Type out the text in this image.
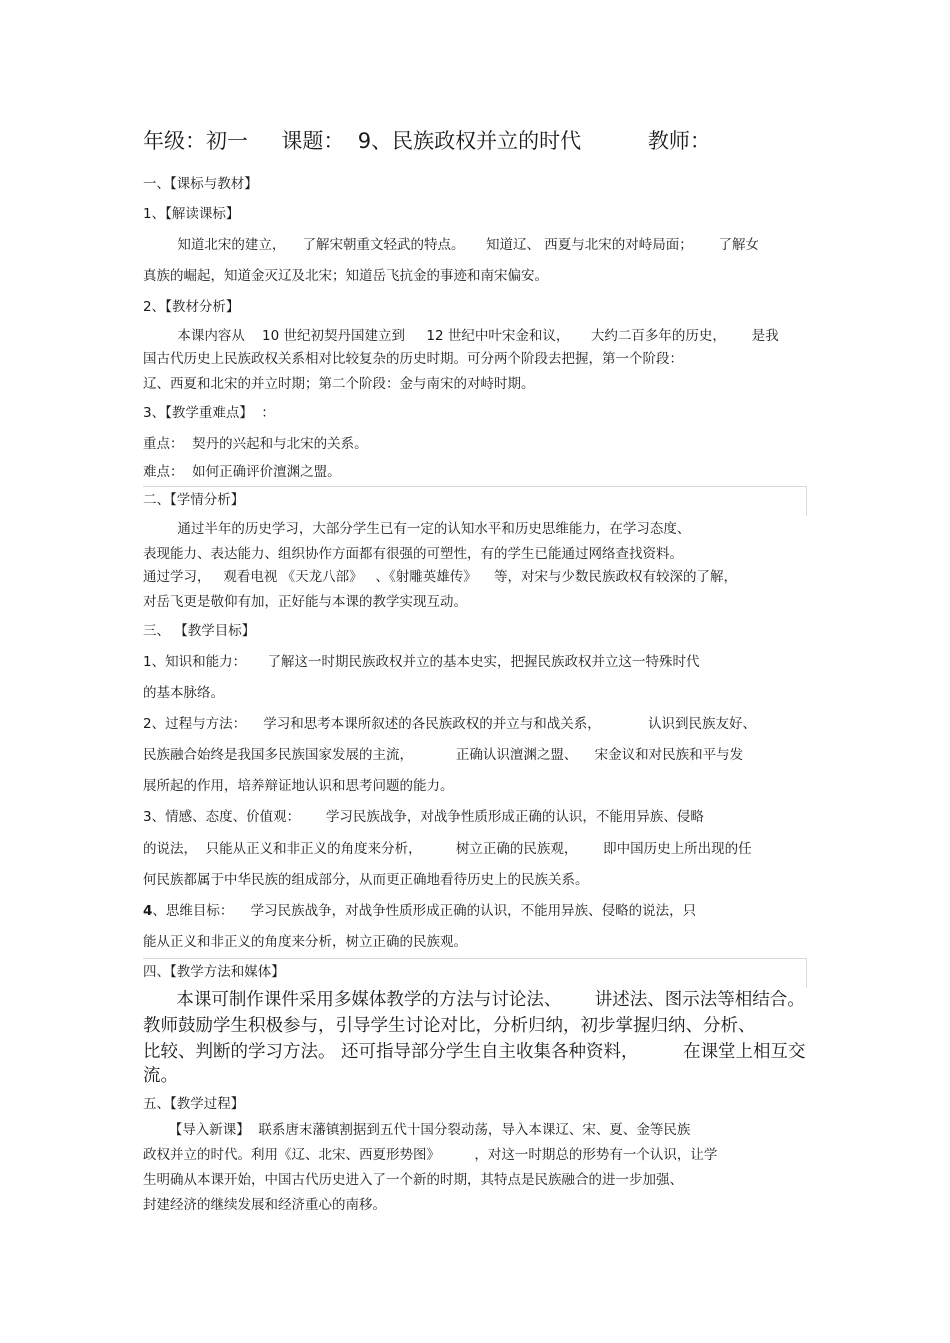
年级：初一     课题：  9、民族政权并立的时代          教师：

一、【课标与教材】

1、【解读课标】

知道北宋的建立，    了解宋朝重文轻武的特点。     知道辽、 西夏与北宋的对峙局面；      了解女

真族的崛起，知道金灭辽及北宋；知道岳飞抗金的事迹和南宋偏安。

2、【教材分析】

本课内容从    10 世纪初契丹国建立到     12 世纪中叶宋金和议，     大约二百多年的历史，      是我

国古代历史上民族政权关系相对比较复杂的历史时期。可分两个阶段去把握，第一个阶段：

辽、西夏和北宋的并立时期；第二个阶段：金与南宋的对峙时期。

3、【教学重难点】  ：

重点：  契丹的兴起和与北宋的关系。

难点：  如何正确评价澶渊之盟。

二、【学情分析】

通过半年的历史学习，大部分学生已有一定的认知水平和历史思维能力，在学习态度、

表现能力、表达能力、组织协作方面都有很强的可塑性，有的学生已能通过网络查找资料。

通过学习，   观看电视 《天龙八部》   、《射雕英雄传》    等，对宋与少数民族政权有较深的了解，

对岳飞更是敬仰有加，正好能与本课的教学实现互动。

三、 【教学目标】

1、知识和能力：     了解这一时期民族政权并立的基本史实，把握民族政权并立这一特殊时代

的基本脉络。

2、过程与方法：    学习和思考本课所叙述的各民族政权的并立与和战关系，           认识到民族友好、

民族融合始终是我国多民族国家发展的主流，          正确认识澶渊之盟、    宋金议和对民族和平与发

展所起的作用，培养辩证地认识和思考问题的能力。

3、情感、态度、价值观：      学习民族战争，对战争性质形成正确的认识，不能用异族、侵略

的说法，  只能从正义和非正义的角度来分析，        树立正确的民族观，      即中国历史上所出现的任

何民族都属于中华民族的组成部分，从而更正确地看待历史上的民族关系。

4、思维目标：    学习民族战争，对战争性质形成正确的认识，不能用异族、侵略的说法，只

能从正义和非正义的角度来分析，树立正确的民族观。

四、【教学方法和媒体】

本课可制作课件采用多媒体教学的方法与讨论法、      讲述法、图示法等相结合。

教师鼓励学生积极参与，引导学生讨论对比，分析归纳，初步掌握归纳、分析、

比较、判断的学习方法。 还可指导部分学生自主收集各种资料，        在课堂上相互交

流。

五、【教学过程】

【导入新课】  联系唐末藩镇割据到五代十国分裂动荡，导入本课辽、宋、夏、金等民族

政权并立的时代。利用《辽、北宋、西夏形势图》        ，对这一时期总的形势有一个认识，让学

生明确从本课开始，中国古代历史进入了一个新的时期，其特点是民族融合的进一步加强、

封建经济的继续发展和经济重心的南移。
